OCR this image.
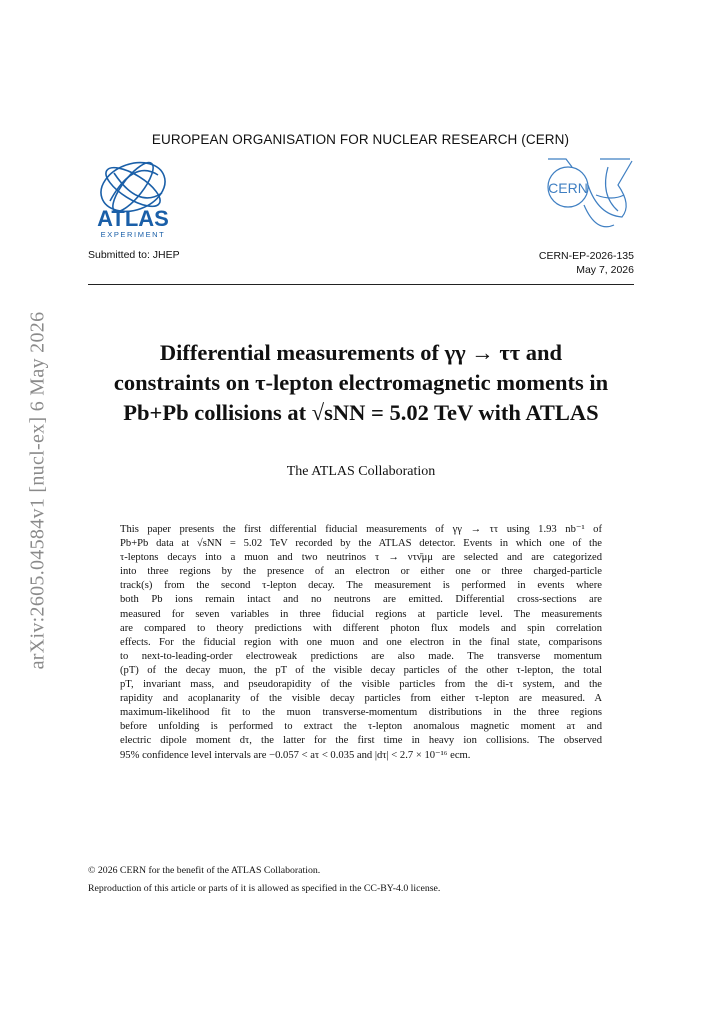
arXiv:2605.04584v1 [nucl-ex] 6 May 2026
EUROPEAN ORGANISATION FOR NUCLEAR RESEARCH (CERN)
ATLAS
EXPERIMENT
CERN
Submitted to: JHEP	CERN-EP-2026-135
May 7, 2026
Differential measurements of γγ → ττ and
constraints on τ-lepton electromagnetic moments in
Pb+Pb collisions at √sNN = 5.02 TeV with ATLAS
The ATLAS Collaboration
This paper presents the first differential fiducial measurements of γγ → ττ using 1.93 nb⁻¹ of
Pb+Pb data at √sNN = 5.02 TeV recorded by the ATLAS detector. Events in which one of the
τ-leptons decays into a muon and two neutrinos τ → ντν̄μμ are selected and are categorized
into three regions by the presence of an electron or either one or three charged-particle
track(s) from the second τ-lepton decay. The measurement is performed in events where
both Pb ions remain intact and no neutrons are emitted. Differential cross-sections are
measured for seven variables in three fiducial regions at particle level. The measurements
are compared to theory predictions with different photon flux models and spin correlation
effects. For the fiducial region with one muon and one electron in the final state, comparisons
to next-to-leading-order electroweak predictions are also made. The transverse momentum
(pT) of the decay muon, the pT of the visible decay particles of the other τ-lepton, the total
pT, invariant mass, and pseudorapidity of the visible particles from the di-τ system, and the
rapidity and acoplanarity of the visible decay particles from either τ-lepton are measured. A
maximum-likelihood fit to the muon transverse-momentum distributions in the three regions
before unfolding is performed to extract the τ-lepton anomalous magnetic moment aτ and
electric dipole moment dτ, the latter for the first time in heavy ion collisions. The observed
95% confidence level intervals are −0.057 < aτ < 0.035 and |dτ| < 2.7 × 10⁻¹⁶ ecm.
© 2026 CERN for the benefit of the ATLAS Collaboration.
Reproduction of this article or parts of it is allowed as specified in the CC-BY-4.0 license.
